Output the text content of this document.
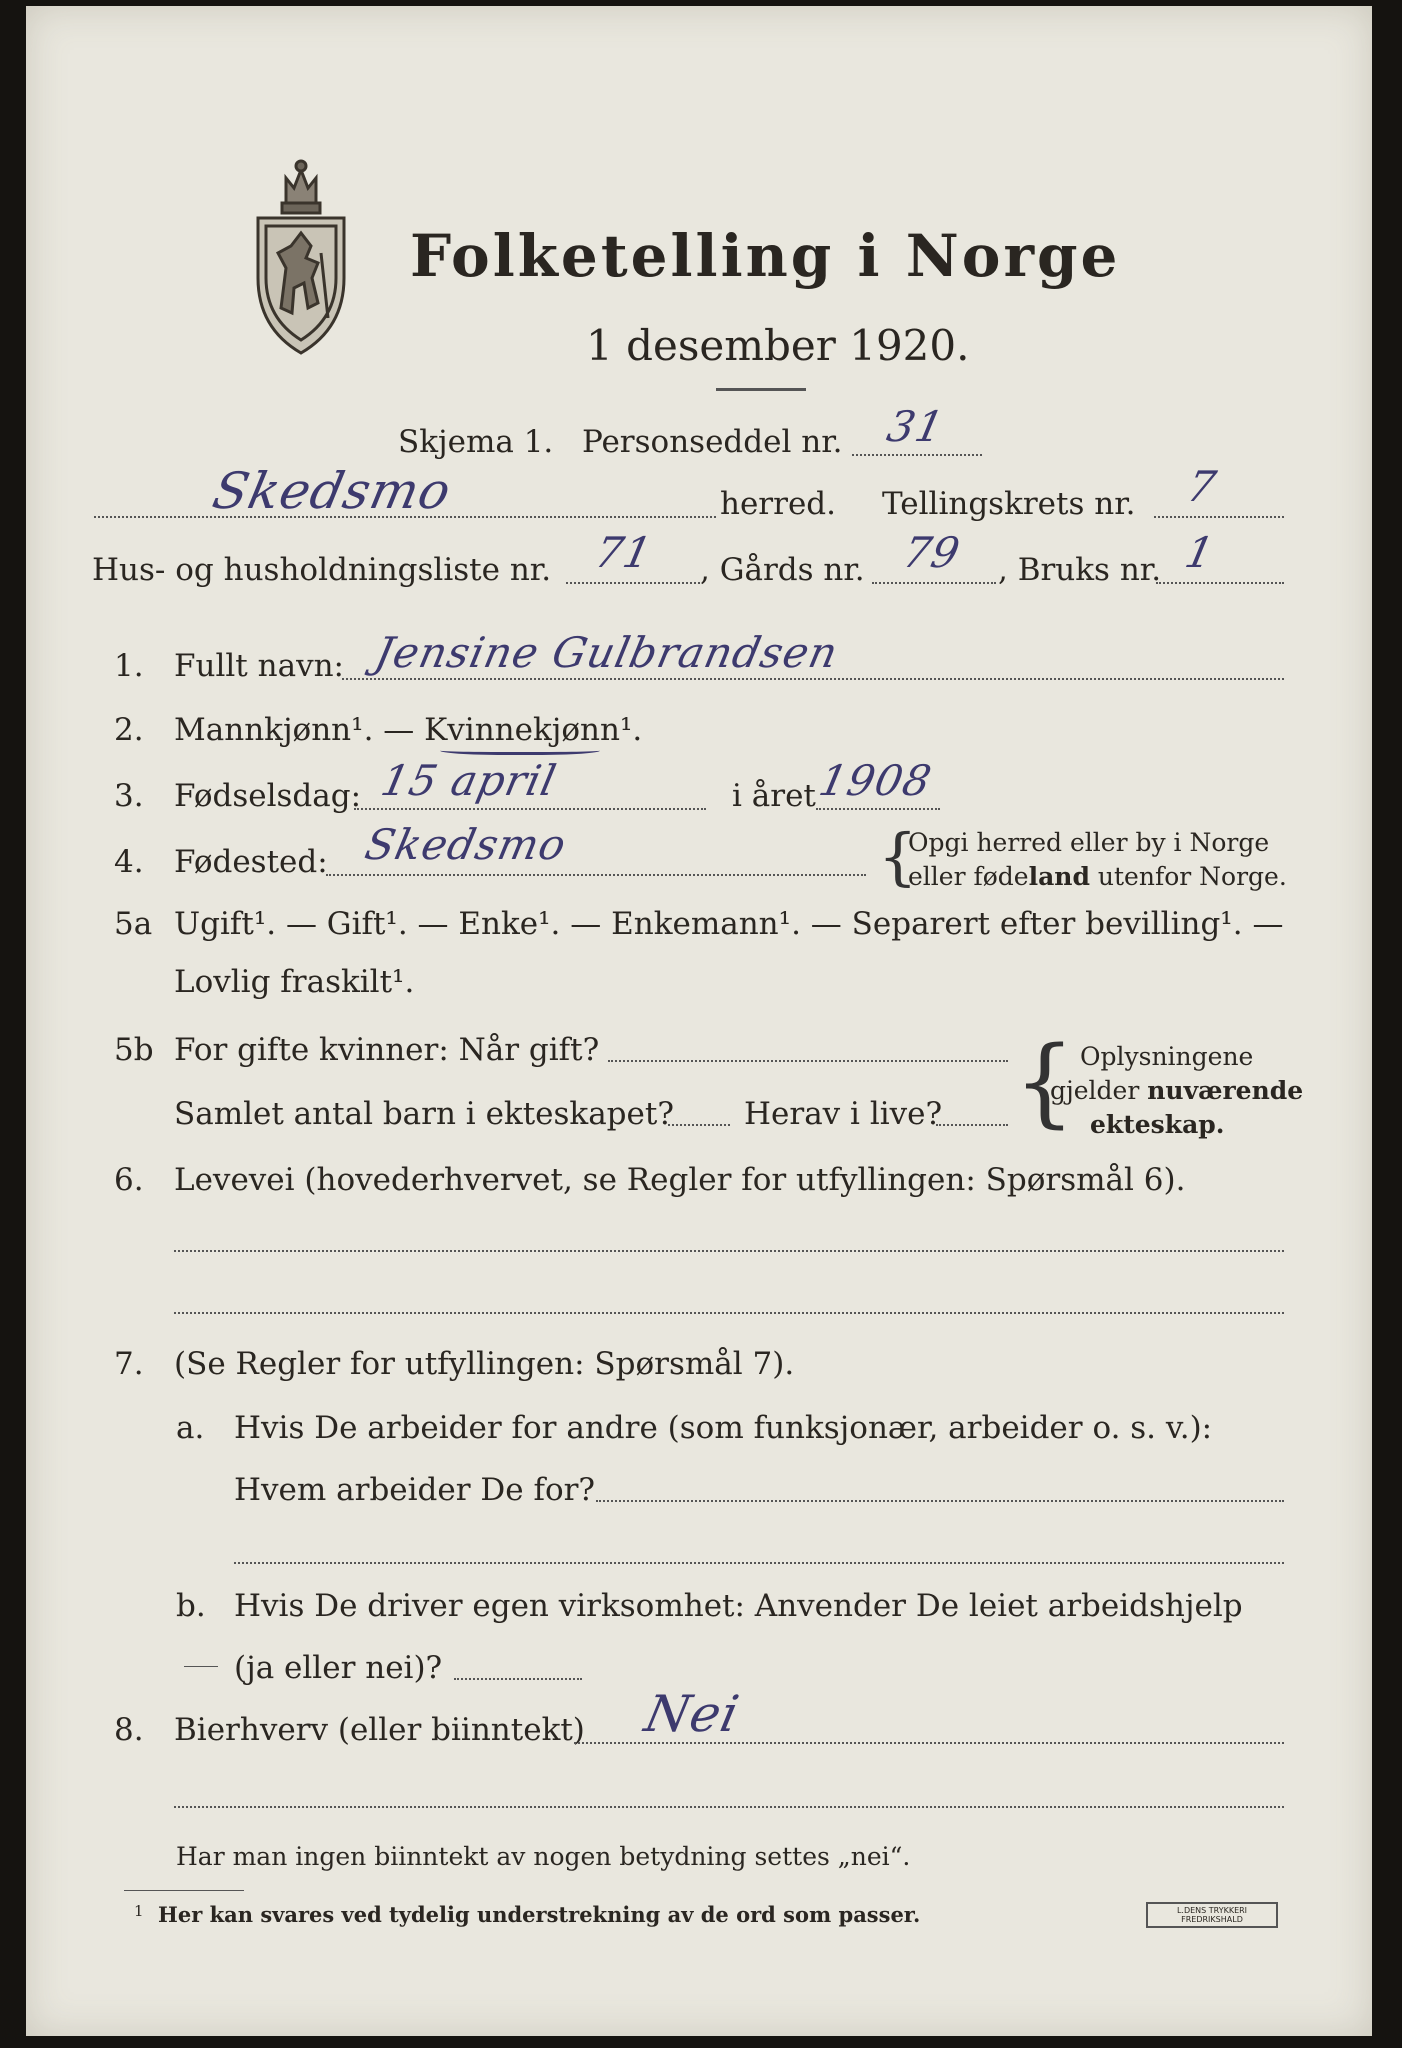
Folketelling i Norge
1 desember 1920.
Skjema 1. Personseddel nr. 31
Skedsmo	herred. Tellingskrets nr. 7
Hus- og husholdningsliste nr. 71 , Gårds nr. 79 , Bruks nr. 1
1. Fullt navn: Jensine Gulbrandsen
2. Mannkjønn¹. — Kvinnekjønn¹.
3. Fødselsdag: 15 april	i året 1908
4. Fødested: Skedsmo	{
Opgi herred eller by i Norge
eller fødeland utenfor Norge.
5a Ugift¹. — Gift¹. — Enke¹. — Enkemann¹. — Separert efter bevilling¹. —
Lovlig fraskilt¹.
5b For gifte kvinner: Når gift?
Samlet antal barn i ekteskapet? Herav i live? { Oplysningene
gjelder nuværende
ekteskap.
6. Levevei (hovederhvervet, se Regler for utfyllingen: Spørsmål 6).
7. (Se Regler for utfyllingen: Spørsmål 7).
a. Hvis De arbeider for andre (som funksjonær, arbeider o. s. v.):
Hvem arbeider De for?
b. Hvis De driver egen virksomhet: Anvender De leiet arbeidshjelp
(ja eller nei)?
8. Bierhverv (eller biinntekt) Nei
Har man ingen biinntekt av nogen betydning settes „nei“.
1 Her kan svares ved tydelig understrekning av de ord som passer.	L.DENS TRYKKERI FREDRIKSHALD
